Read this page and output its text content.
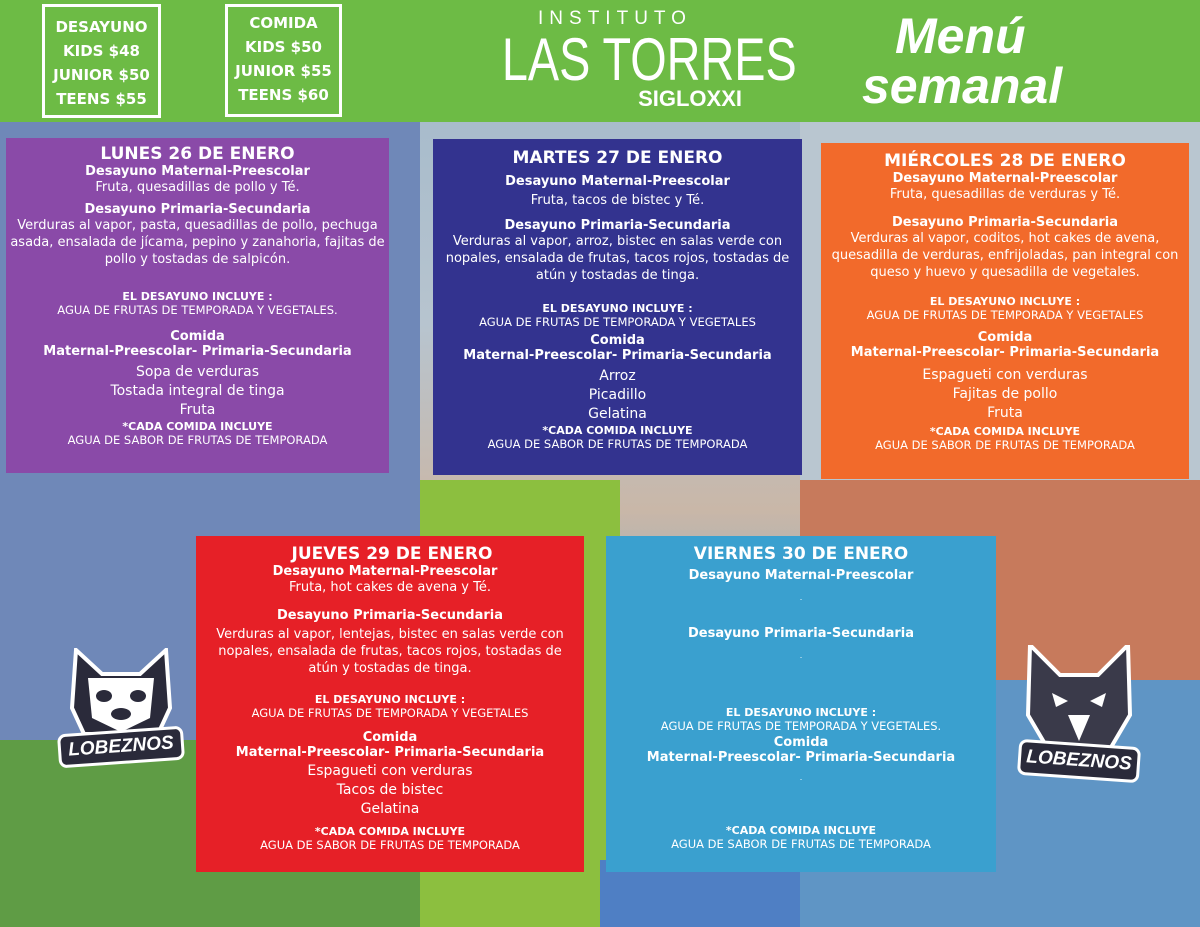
DESAYUNO
KIDS $48
JUNIOR $50
TEENS $55
COMIDA
KIDS $50
JUNIOR $55
TEENS $60
INSTITUTO
LAS TORRES
SIGLOXXI
Menú
semanal
LUNES 26 DE ENERO
Desayuno Maternal-Preescolar
Fruta, quesadillas de pollo y Té.
Desayuno Primaria-Secundaria
Verduras al vapor, pasta, quesadillas de pollo, pechuga asada, ensalada de jícama, pepino y zanahoria, fajitas de pollo y tostadas de salpicón.
EL DESAYUNO INCLUYE :
AGUA DE FRUTAS DE TEMPORADA Y VEGETALES.
Comida
Maternal-Preescolar- Primaria-Secundaria
Sopa de verduras
Tostada integral de tinga
Fruta
*CADA COMIDA INCLUYE
AGUA DE SABOR DE FRUTAS DE TEMPORADA
MARTES 27 DE ENERO
Desayuno Maternal-Preescolar
Fruta, tacos de bistec y Té.
Desayuno Primaria-Secundaria
Verduras al vapor, arroz, bistec en salas verde con nopales, ensalada de frutas, tacos rojos, tostadas de atún y tostadas de tinga.
EL DESAYUNO INCLUYE :
AGUA DE FRUTAS DE TEMPORADA Y VEGETALES
Comida
Maternal-Preescolar- Primaria-Secundaria
Arroz
Picadillo
Gelatina
*CADA COMIDA INCLUYE
AGUA DE SABOR DE FRUTAS DE TEMPORADA
MIÉRCOLES 28 DE ENERO
Desayuno Maternal-Preescolar
Fruta, quesadillas de verduras y Té.
Desayuno Primaria-Secundaria
Verduras al vapor, coditos, hot cakes de avena, quesadilla de verduras, enfrijoladas, pan integral con queso y huevo y quesadilla de vegetales.
EL DESAYUNO INCLUYE :
AGUA DE FRUTAS DE TEMPORADA Y VEGETALES
Comida
Maternal-Preescolar- Primaria-Secundaria
Espagueti con verduras
Fajitas de pollo
Fruta
*CADA COMIDA INCLUYE
AGUA DE SABOR DE FRUTAS DE TEMPORADA
JUEVES 29 DE ENERO
Desayuno Maternal-Preescolar
Fruta, hot cakes de avena y Té.
Desayuno Primaria-Secundaria
Verduras al vapor, lentejas, bistec en salas verde con nopales, ensalada de frutas, tacos rojos, tostadas de atún y tostadas de tinga.
EL DESAYUNO INCLUYE :
AGUA DE FRUTAS DE TEMPORADA Y VEGETALES
Comida
Maternal-Preescolar- Primaria-Secundaria
Espagueti con verduras
Tacos de bistec
Gelatina
*CADA COMIDA INCLUYE
AGUA DE SABOR DE FRUTAS DE TEMPORADA
VIERNES 30 DE ENERO
Desayuno Maternal-Preescolar
.
Desayuno Primaria-Secundaria
.
EL DESAYUNO INCLUYE :
AGUA DE FRUTAS DE TEMPORADA Y VEGETALES.
Comida
Maternal-Preescolar- Primaria-Secundaria
.
*CADA COMIDA INCLUYE
AGUA DE SABOR DE FRUTAS DE TEMPORADA
LOBEZNOS	LOBEZNOS
